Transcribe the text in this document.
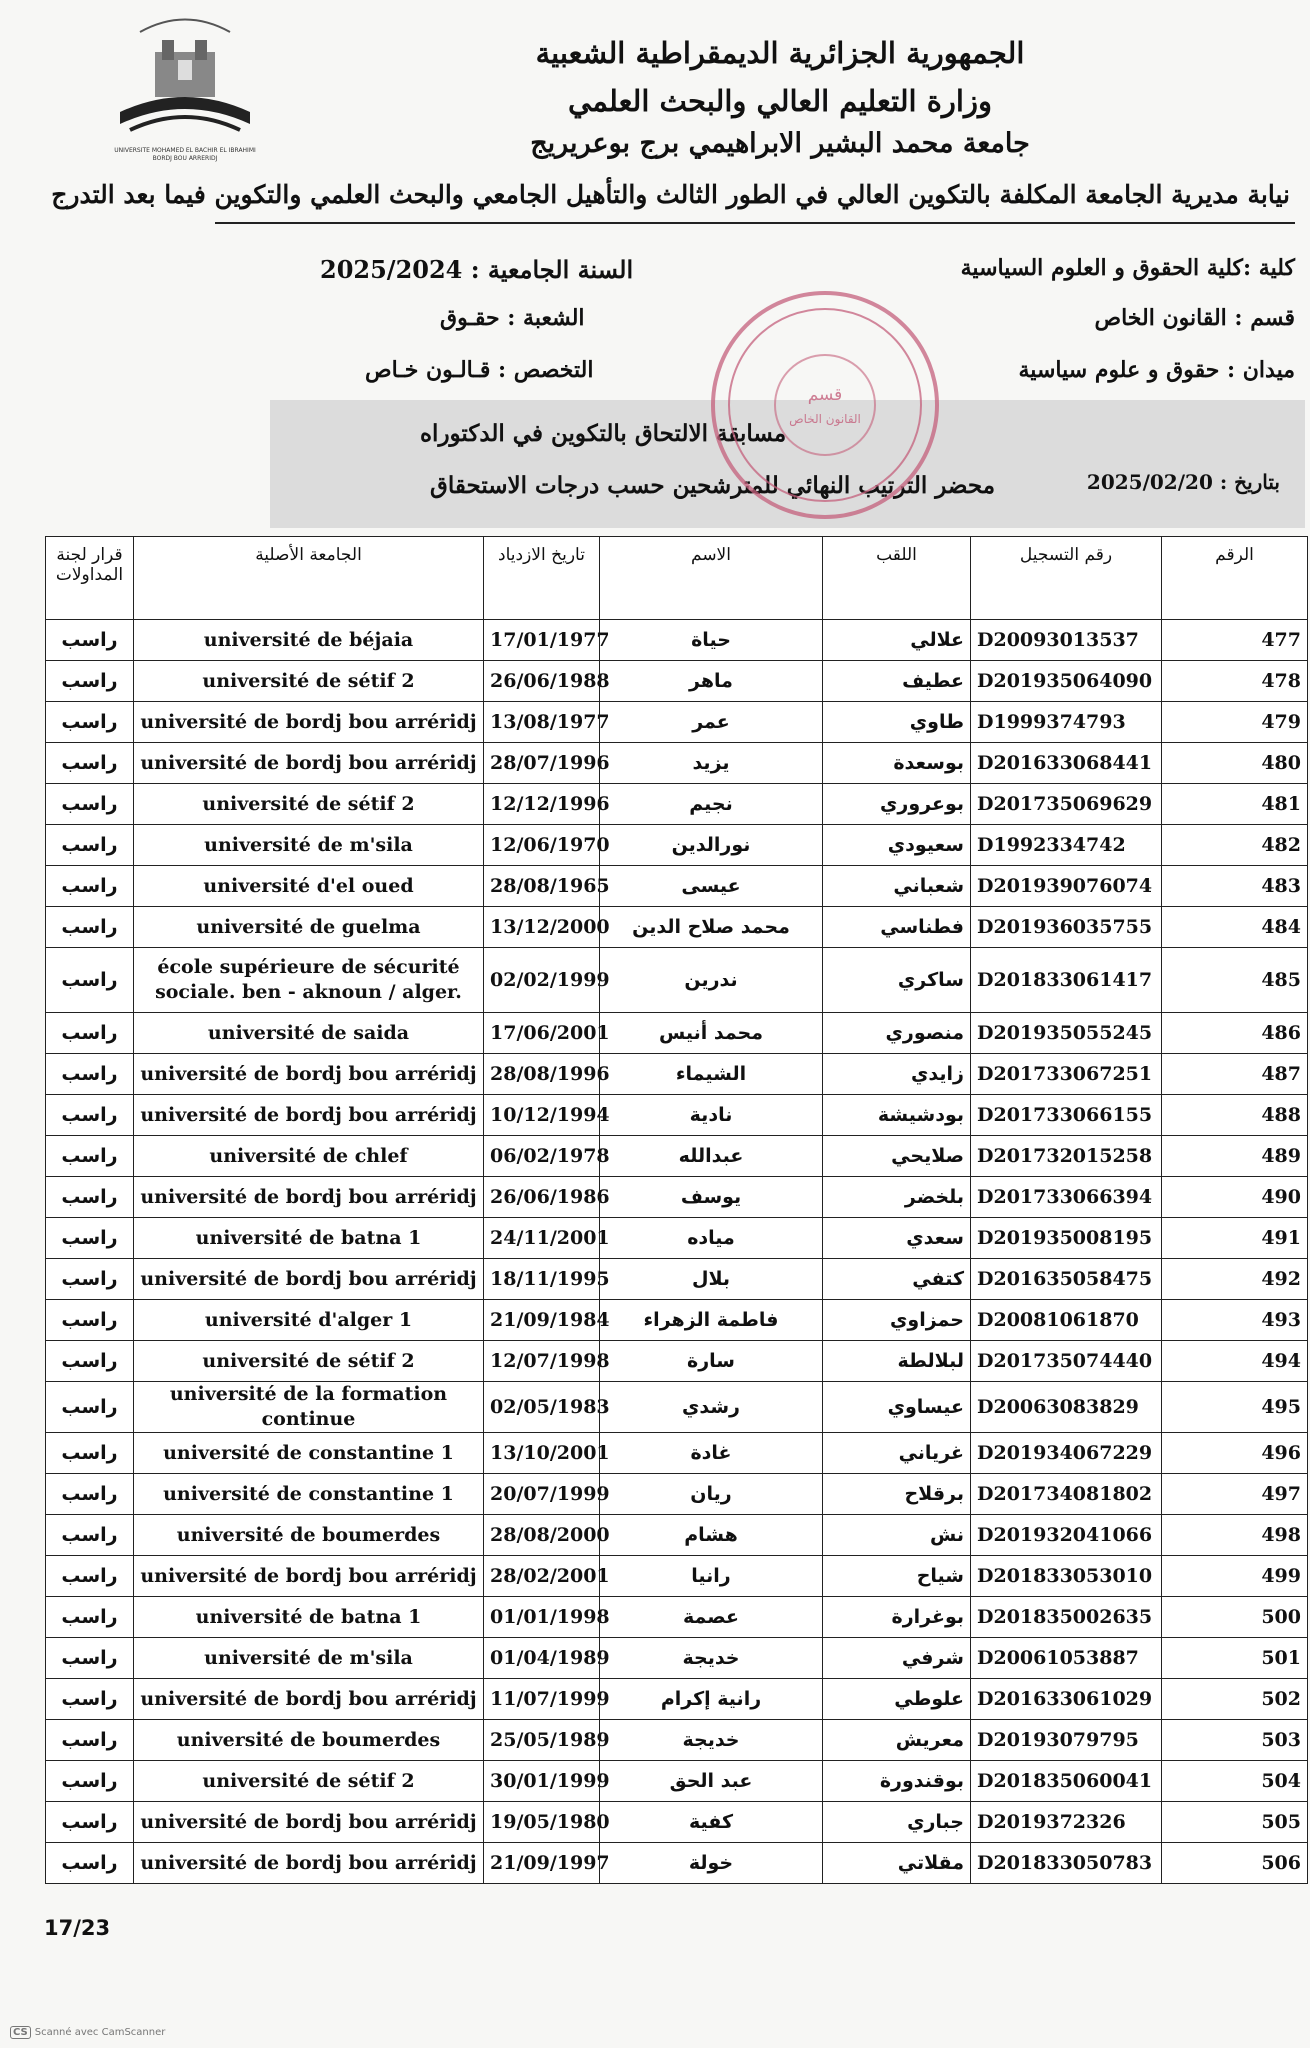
UNIVERSITE MOHAMED EL BACHIR EL IBRAHIMI
BORDJ BOU ARRERIDJ
الجمهورية الجزائرية الديمقراطية الشعبية
وزارة التعليم العالي والبحث العلمي
جامعة محمد البشير الابراهيمي برج بوعريريج
نيابة مديرية الجامعة المكلفة بالتكوين العالي في الطور الثالث والتأهيل الجامعي والبحث العلمي والتكوين فيما بعد التدرج
كلية :كلية الحقوق و العلوم السياسية
قسم : القانون الخاص
ميدان : حقوق و علوم سياسية
السنة الجامعية : 2025/2024
الشعبة : حقـوق
التخصص : قـالـون خـاص
مسابقة الالتحاق بالتكوين في الدكتوراه
محضر الترتيب النهائي للمترشحين حسب درجات الاستحقاق	بتاريخ : 2025/02/20
قسم
القانون الخاص
قرار لجنة المداولات	الجامعة الأصلية	تاريخ الازدياد	الاسم	اللقب	رقم التسجيل	الرقم
راسب	université de béjaia	17/01/1977	حياة	علالي	D20093013537	477
راسب	université de sétif 2	26/06/1988	ماهر	عطيف	D201935064090	478
راسب	université de bordj bou arréridj	13/08/1977	عمر	طاوي	D1999374793	479
راسب	université de bordj bou arréridj	28/07/1996	يزيد	بوسعدة	D201633068441	480
راسب	université de sétif 2	12/12/1996	نجيم	بوعروري	D201735069629	481
راسب	université de m'sila	12/06/1970	نورالدين	سعيودي	D1992334742	482
راسب	université d'el oued	28/08/1965	عيسى	شعباني	D201939076074	483
راسب	université de guelma	13/12/2000	محمد صلاح الدين	فطناسي	D201936035755	484
راسب	école supérieure de sécurité sociale. ben - aknoun / alger.	02/02/1999	ندرين	ساكري	D201833061417	485
راسب	université de saida	17/06/2001	محمد أنيس	منصوري	D201935055245	486
راسب	université de bordj bou arréridj	28/08/1996	الشيماء	زايدي	D201733067251	487
راسب	université de bordj bou arréridj	10/12/1994	نادية	بودشيشة	D201733066155	488
راسب	université de chlef	06/02/1978	عبدالله	صلايحي	D201732015258	489
راسب	université de bordj bou arréridj	26/06/1986	يوسف	بلخضر	D201733066394	490
راسب	université de batna 1	24/11/2001	مياده	سعدي	D201935008195	491
راسب	université de bordj bou arréridj	18/11/1995	بلال	كتفي	D201635058475	492
راسب	université d'alger 1	21/09/1984	فاطمة الزهراء	حمزاوي	D20081061870	493
راسب	université de sétif 2	12/07/1998	سارة	لبلالطة	D201735074440	494
راسب	université de la formation continue	02/05/1983	رشدي	عيساوي	D20063083829	495
راسب	université de constantine 1	13/10/2001	غادة	غرياني	D201934067229	496
راسب	université de constantine 1	20/07/1999	ريان	برقلاح	D201734081802	497
راسب	université de boumerdes	28/08/2000	هشام	نش	D201932041066	498
راسب	université de bordj bou arréridj	28/02/2001	رانيا	شياح	D201833053010	499
راسب	université de batna 1	01/01/1998	عصمة	بوغرارة	D201835002635	500
راسب	université de m'sila	01/04/1989	خديجة	شرفي	D20061053887	501
راسب	université de bordj bou arréridj	11/07/1999	رانية إكرام	علوطي	D201633061029	502
راسب	université de boumerdes	25/05/1989	خديجة	معريش	D20193079795	503
راسب	université de sétif 2	30/01/1999	عبد الحق	بوقندورة	D201835060041	504
راسب	université de bordj bou arréridj	19/05/1980	كفية	جباري	D2019372326	505
راسب	université de bordj bou arréridj	21/09/1997	خولة	مقلاتي	D201833050783	506
17/23
CS Scanné avec CamScanner
